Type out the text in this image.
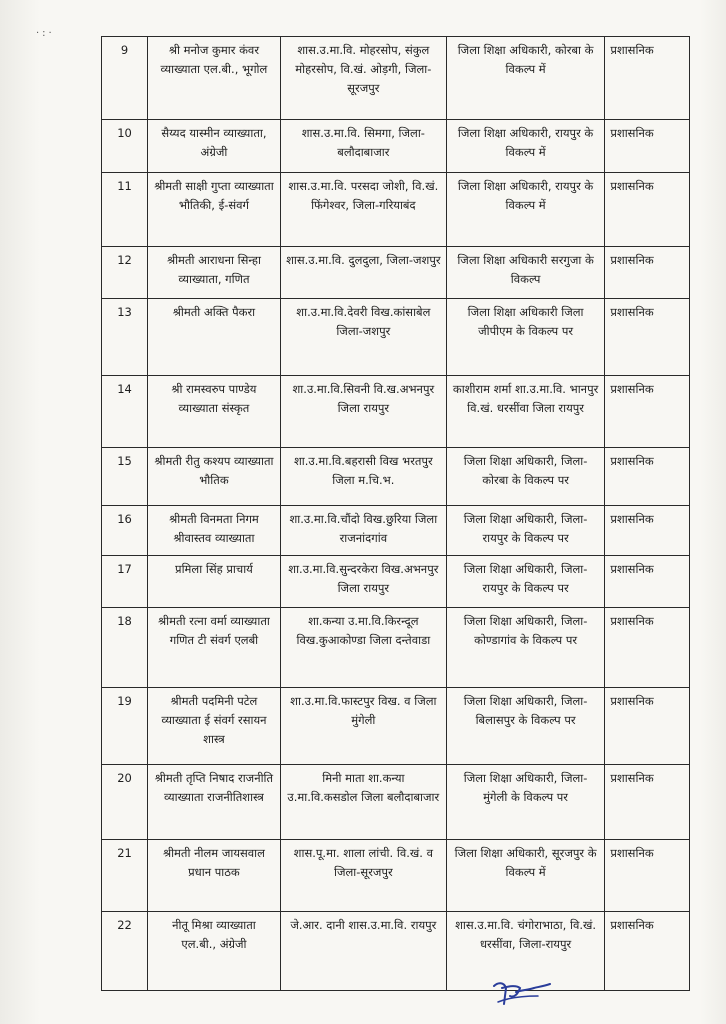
·:·
9	श्री मनोज कुमार कंवर व्याख्याता एल.बी., भूगोल	शास.उ.मा.वि. मोहरसोप, संकुल मोहरसोप, वि.खं. ओड़गी, जिला-सूरजपुर	जिला शिक्षा अधिकारी, कोरबा के विकल्प में	प्रशासनिक
10	सैय्यद यास्मीन व्याख्याता, अंग्रेजी	शास.उ.मा.वि. सिमगा, जिला-बलौदाबाजार	जिला शिक्षा अधिकारी, रायपुर के विकल्प में	प्रशासनिक
11	श्रीमती साक्षी गुप्ता व्याख्याता भौतिकी, ई-संवर्ग	शास.उ.मा.वि. परसदा जोशी, वि.खं. फिंगेश्वर, जिला-गरियाबंद	जिला शिक्षा अधिकारी, रायपुर के विकल्प में	प्रशासनिक
12	श्रीमती आराधना सिन्हा व्याख्याता, गणित	शास.उ.मा.वि. दुलदुला, जिला-जशपुर	जिला शिक्षा अधिकारी सरगुजा के विकल्प	प्रशासनिक
13	श्रीमती अक्ति पैकरा	शा.उ.मा.वि.देवरी विख.कांसाबेल जिला-जशपुर	जिला शिक्षा अधिकारी जिला जीपीएम के विकल्प पर	प्रशासनिक
14	श्री रामस्वरुप पाण्डेय व्याख्याता संस्कृत	शा.उ.मा.वि.सिवनी वि.ख.अभनपुर जिला रायपुर	काशीराम शर्मा शा.उ.मा.वि. भानपुर वि.खं. धरसींवा जिला रायपुर	प्रशासनिक
15	श्रीमती रीतु कश्यप व्याख्याता भौतिक	शा.उ.मा.वि.बहरासी विख भरतपुर जिला म.चि.भ.	जिला शिक्षा अधिकारी, जिला-कोरबा के विकल्प पर	प्रशासनिक
16	श्रीमती विनमता निगम श्रीवास्तव व्याख्याता	शा.उ.मा.वि.चौंदो विख.छुरिया जिला राजनांदगांव	जिला शिक्षा अधिकारी, जिला-रायपुर के विकल्प पर	प्रशासनिक
17	प्रमिला सिंह प्राचार्य	शा.उ.मा.वि.सुन्दरकेरा विख.अभनपुर जिला रायपुर	जिला शिक्षा अधिकारी, जिला-रायपुर के विकल्प पर	प्रशासनिक
18	श्रीमती रत्ना वर्मा व्याख्याता गणित टी संवर्ग एलबी	शा.कन्या उ.मा.वि.किरन्दूल विख.कुआकोण्डा जिला दन्तेवाडा	जिला शिक्षा अधिकारी, जिला-कोण्डागांव के विकल्प पर	प्रशासनिक
19	श्रीमती पदमिनी पटेल व्याख्याता ई संवर्ग रसायन शास्त्र	शा.उ.मा.वि.फास्टपुर विख. व जिला मुंगेली	जिला शिक्षा अधिकारी, जिला-बिलासपुर के विकल्प पर	प्रशासनिक
20	श्रीमती तृप्ति निषाद राजनीति व्याख्याता राजनीतिशास्त्र	मिनी माता शा.कन्या उ.मा.वि.कसडोल जिला बलौदाबाजार	जिला शिक्षा अधिकारी, जिला-मुंगेली के विकल्प पर	प्रशासनिक
21	श्रीमती नीलम जायसवाल प्रधान पाठक	शास.पू.मा. शाला लांची. वि.खं. व जिला-सूरजपुर	जिला शिक्षा अधिकारी, सूरजपुर के विकल्प में	प्रशासनिक
22	नीतू मिश्रा व्याख्याता एल.बी., अंग्रेजी	जे.आर. दानी शास.उ.मा.वि. रायपुर	शास.उ.मा.वि. चंगोराभाठा, वि.खं. धरसींवा, जिला-रायपुर	प्रशासनिक
